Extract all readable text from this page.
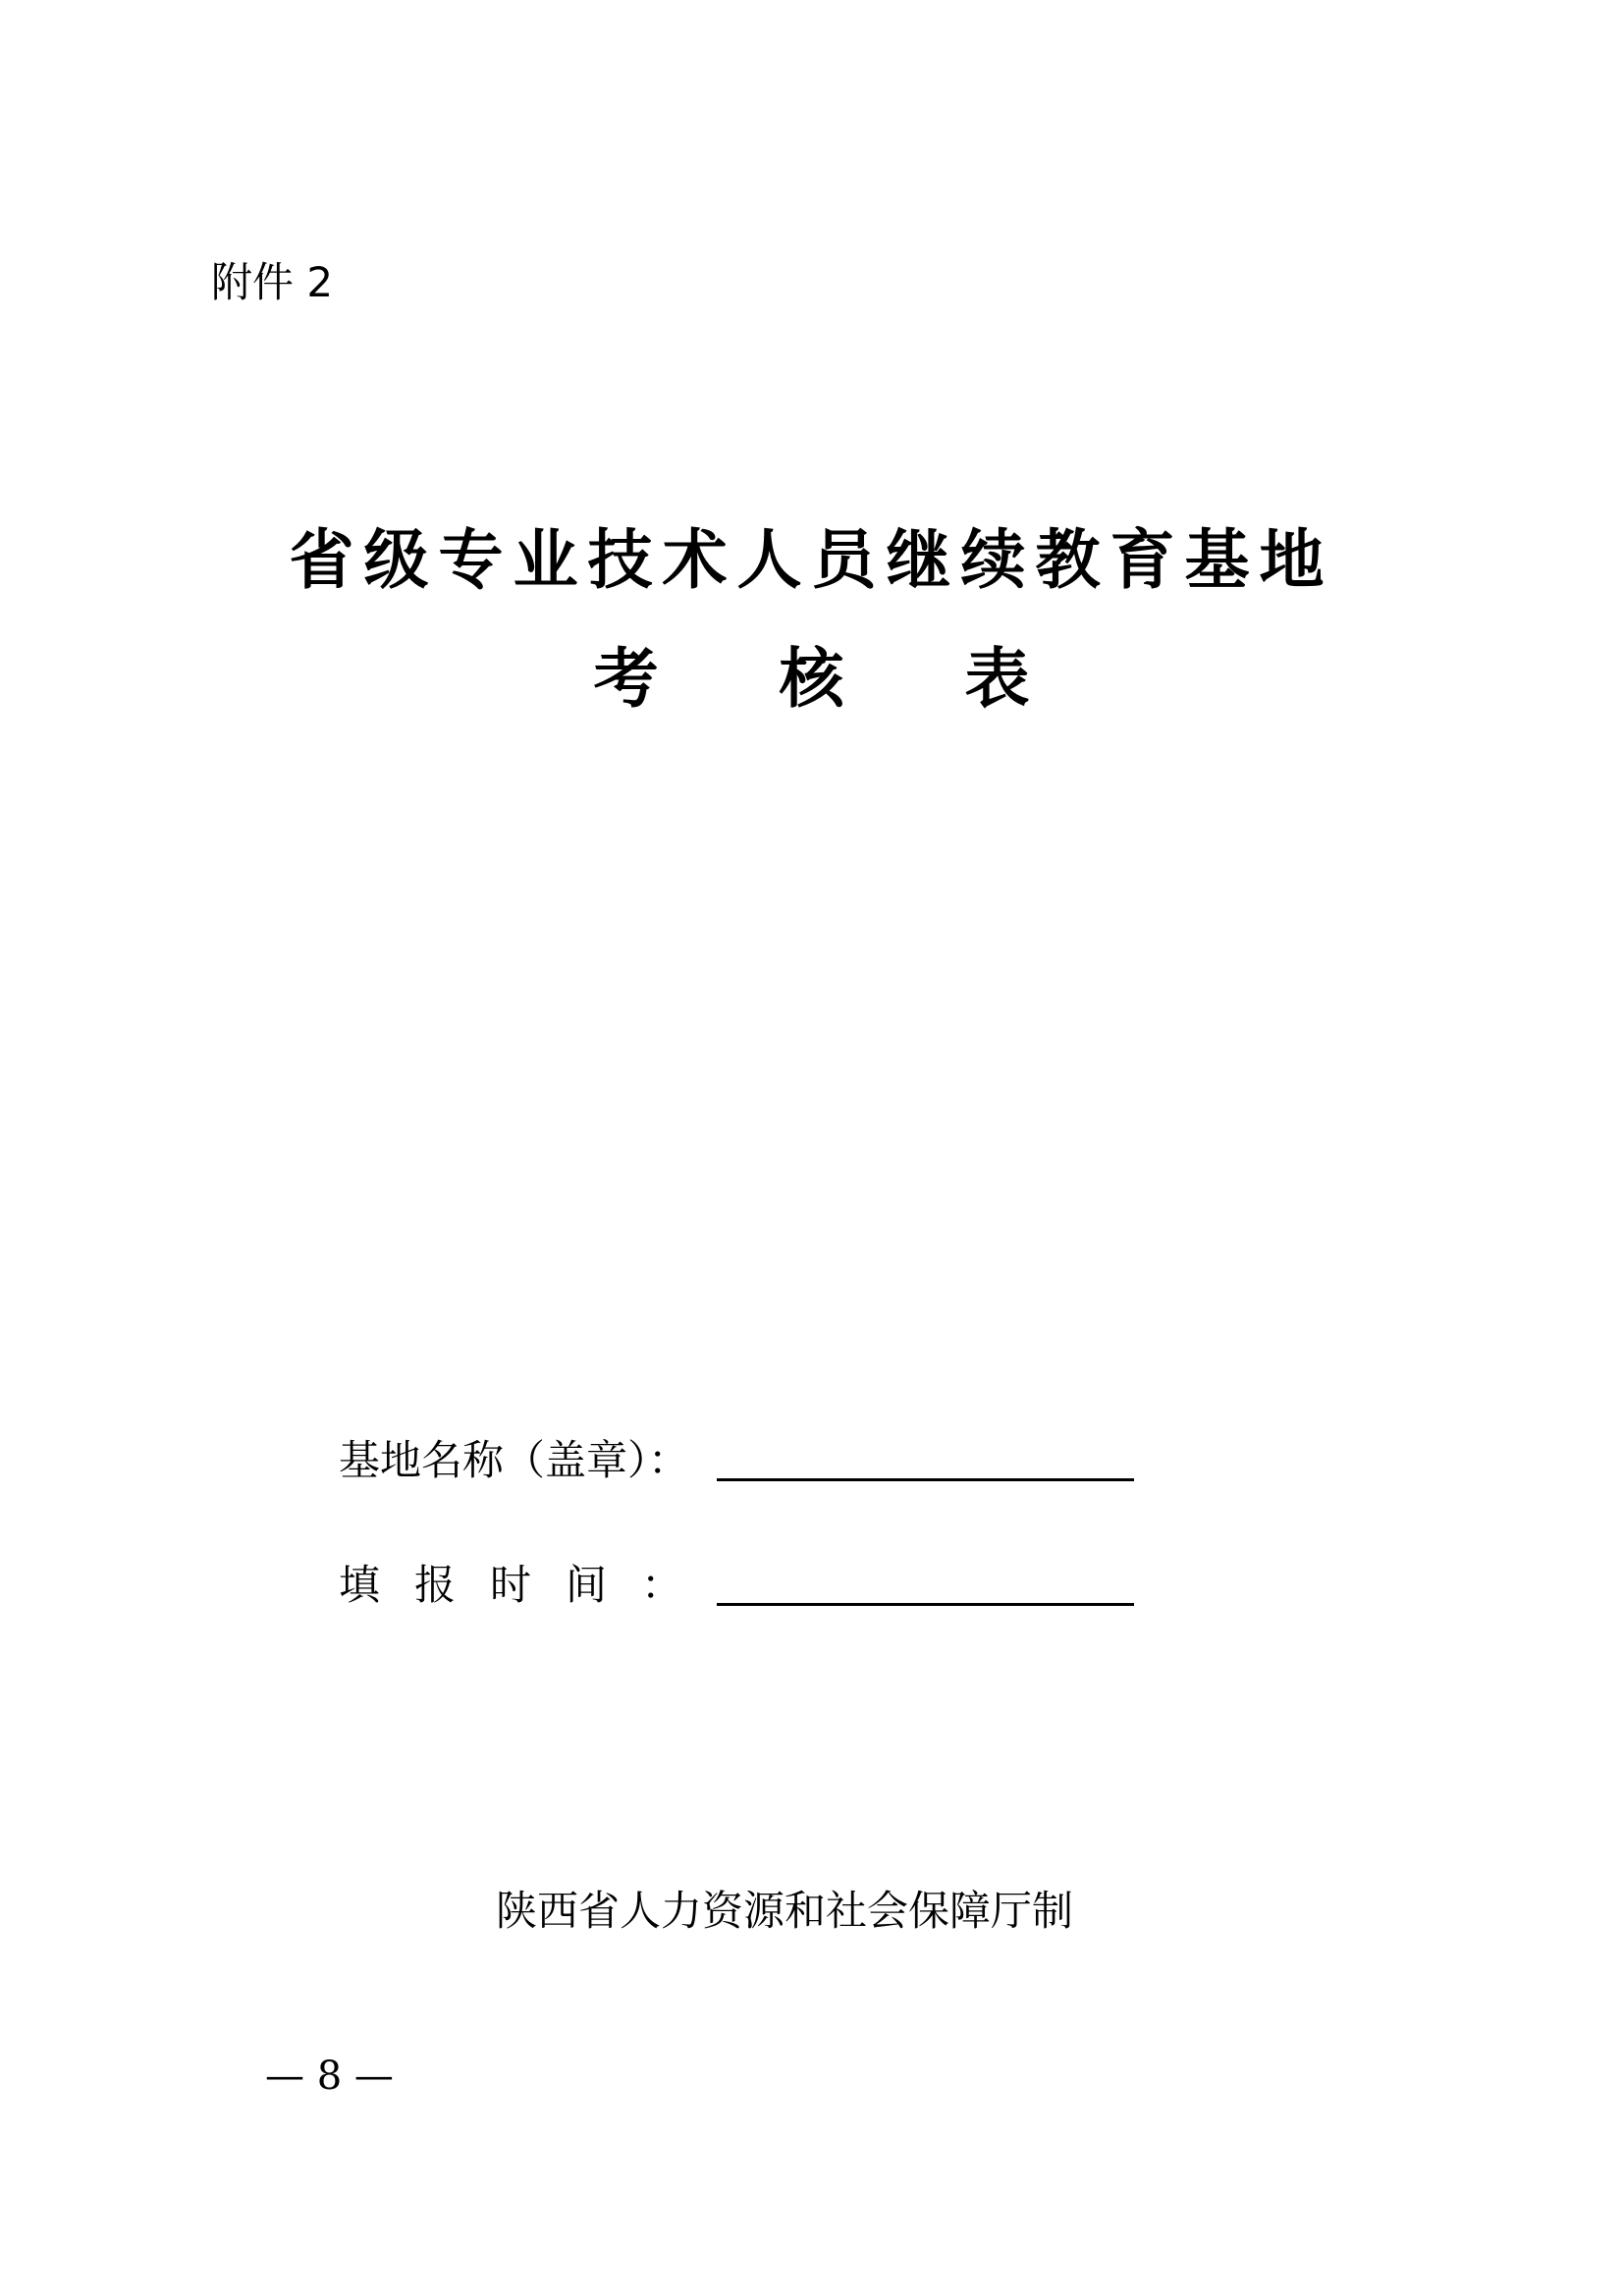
附件 2
省级专业技术人员继续教育基地
考 核 表
基地名称（盖章）：
填报时间：
陕西省人力资源和社会保障厅制
— 8 —
